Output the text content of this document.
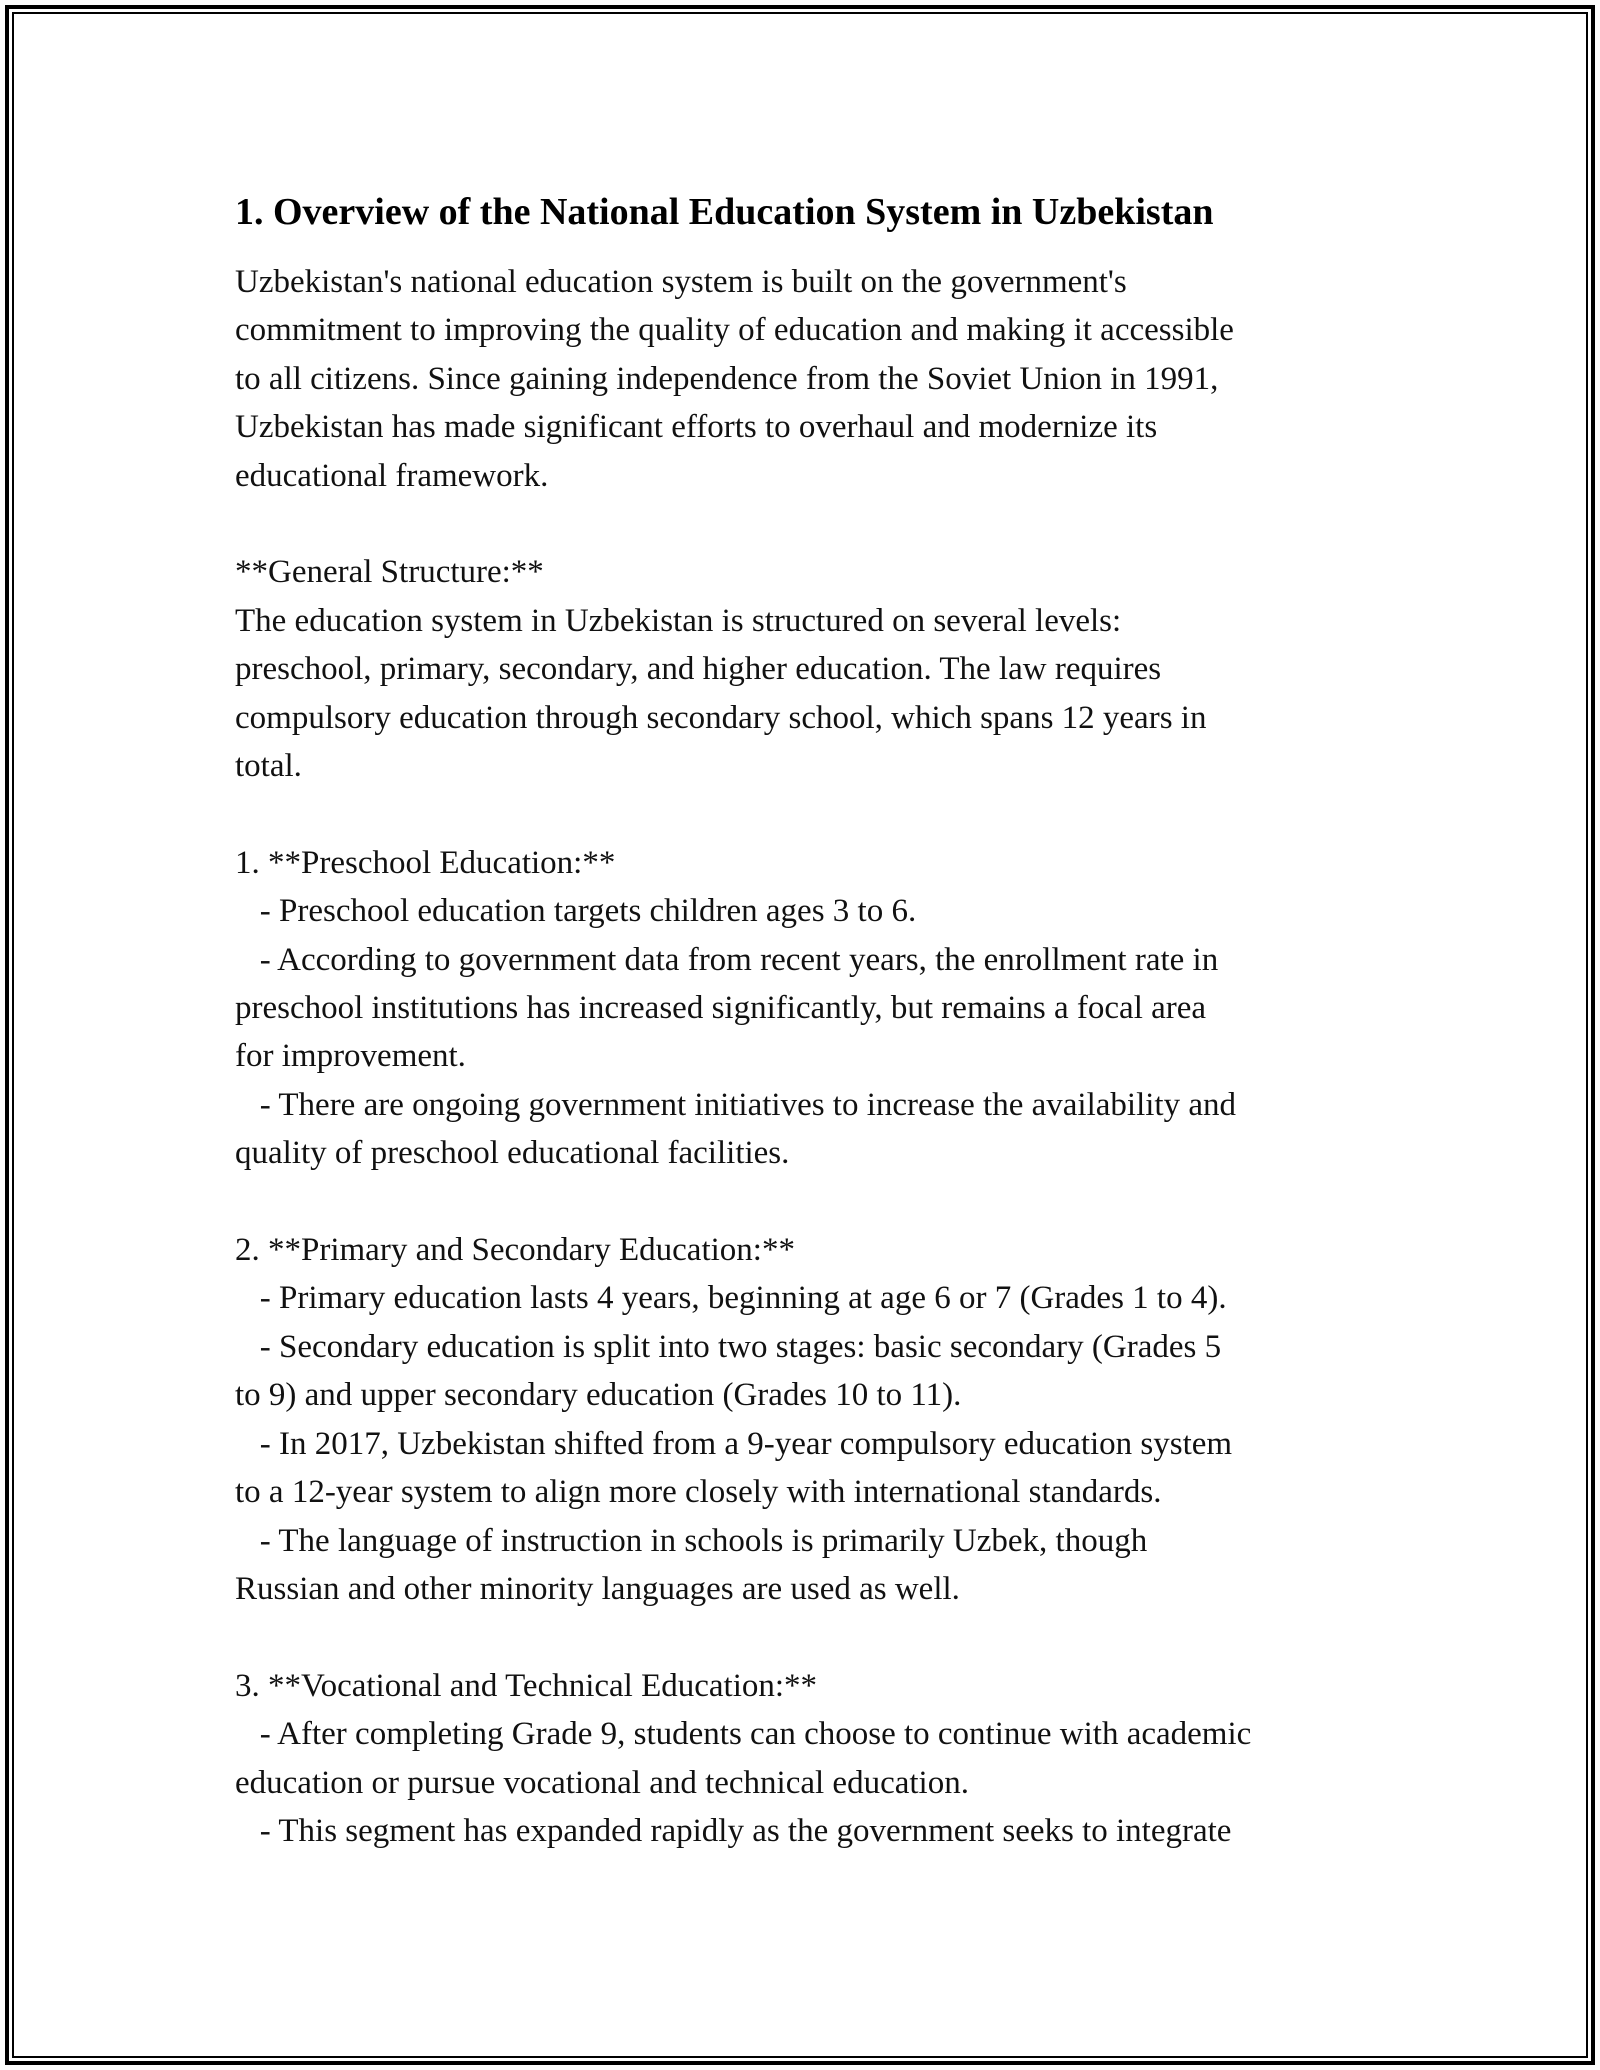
1. Overview of the National Education System in Uzbekistan
Uzbekistan's national education system is built on the government's
commitment to improving the quality of education and making it accessible
to all citizens. Since gaining independence from the Soviet Union in 1991,
Uzbekistan has made significant efforts to overhaul and modernize its
educational framework.
**General Structure:**
The education system in Uzbekistan is structured on several levels:
preschool, primary, secondary, and higher education. The law requires
compulsory education through secondary school, which spans 12 years in
total.
1. **Preschool Education:**
- Preschool education targets children ages 3 to 6.
- According to government data from recent years, the enrollment rate in
preschool institutions has increased significantly, but remains a focal area
for improvement.
- There are ongoing government initiatives to increase the availability and
quality of preschool educational facilities.
2. **Primary and Secondary Education:**
- Primary education lasts 4 years, beginning at age 6 or 7 (Grades 1 to 4).
- Secondary education is split into two stages: basic secondary (Grades 5
to 9) and upper secondary education (Grades 10 to 11).
- In 2017, Uzbekistan shifted from a 9-year compulsory education system
to a 12-year system to align more closely with international standards.
- The language of instruction in schools is primarily Uzbek, though
Russian and other minority languages are used as well.
3. **Vocational and Technical Education:**
- After completing Grade 9, students can choose to continue with academic
education or pursue vocational and technical education.
- This segment has expanded rapidly as the government seeks to integrate
